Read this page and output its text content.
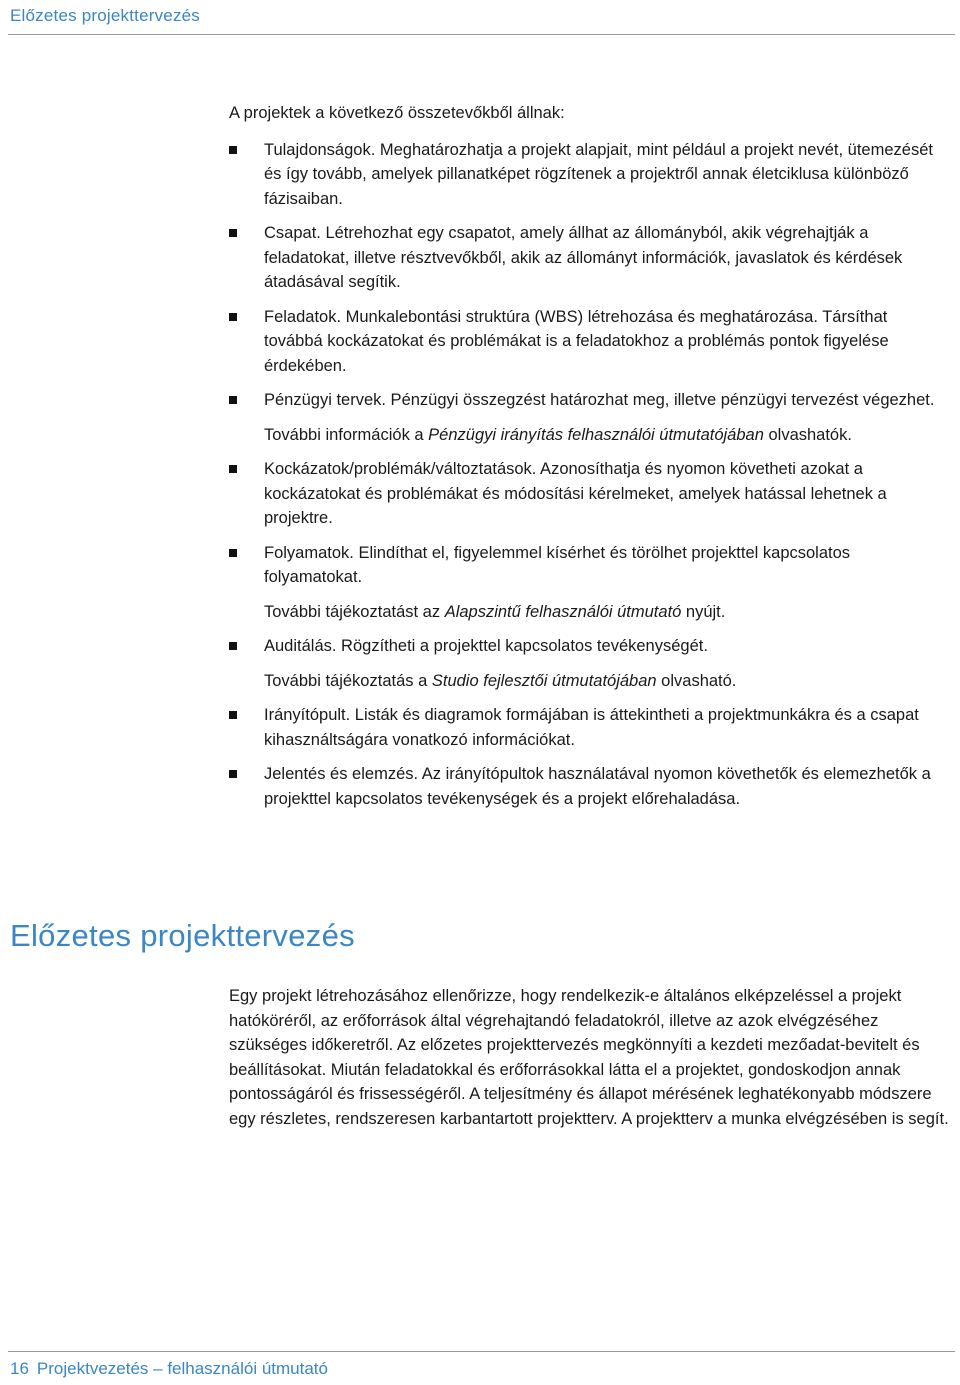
Előzetes projekttervezés

A projektek a következő összetevőkből állnak:

Tulajdonságok. Meghatározhatja a projekt alapjait, mint például a projekt nevét, ütemezését és így tovább, amelyek pillanatképet rögzítenek a projektről annak életciklusa különböző fázisaiban.

Csapat. Létrehozhat egy csapatot, amely állhat az állományból, akik végrehajtják a feladatokat, illetve résztvevőkből, akik az állományt információk, javaslatok és kérdések átadásával segítik.

Feladatok. Munkalebontási struktúra (WBS) létrehozása és meghatározása. Társíthat továbbá kockázatokat és problémákat is a feladatokhoz a problémás pontok figyelése érdekében.

Pénzügyi tervek. Pénzügyi összegzést határozhat meg, illetve pénzügyi tervezést végezhet.

További információk a Pénzügyi irányítás felhasználói útmutatójában olvashatók.

Kockázatok/problémák/változtatások. Azonosíthatja és nyomon követheti azokat a kockázatokat és problémákat és módosítási kérelmeket, amelyek hatással lehetnek a projektre.

Folyamatok. Elindíthat el, figyelemmel kísérhet és törölhet projekttel kapcsolatos folyamatokat.

További tájékoztatást az Alapszintű felhasználói útmutató nyújt.

Auditálás. Rögzítheti a projekttel kapcsolatos tevékenységét.

További tájékoztatás a Studio fejlesztői útmutatójában olvasható.

Irányítópult. Listák és diagramok formájában is áttekintheti a projektmunkákra és a csapat kihasználtságára vonatkozó információkat.

Jelentés és elemzés. Az irányítópultok használatával nyomon követhetők és elemezhetők a projekttel kapcsolatos tevékenységek és a projekt előrehaladása.

Előzetes projekttervezés

Egy projekt létrehozásához ellenőrizze, hogy rendelkezik-e általános elképzeléssel a projekt hatóköréről, az erőforrások által végrehajtandó feladatokról, illetve az azok elvégzéséhez szükséges időkeretről. Az előzetes projekttervezés megkönnyíti a kezdeti mezőadat-bevitelt és beállításokat. Miután feladatokkal és erőforrásokkal látta el a projektet, gondoskodjon annak pontosságáról és frissességéről. A teljesítmény és állapot mérésének leghatékonyabb módszere egy részletes, rendszeresen karbantartott projektterv. A projektterv a munka elvégzésében is segít.

16 Projektvezetés – felhasználói útmutató
